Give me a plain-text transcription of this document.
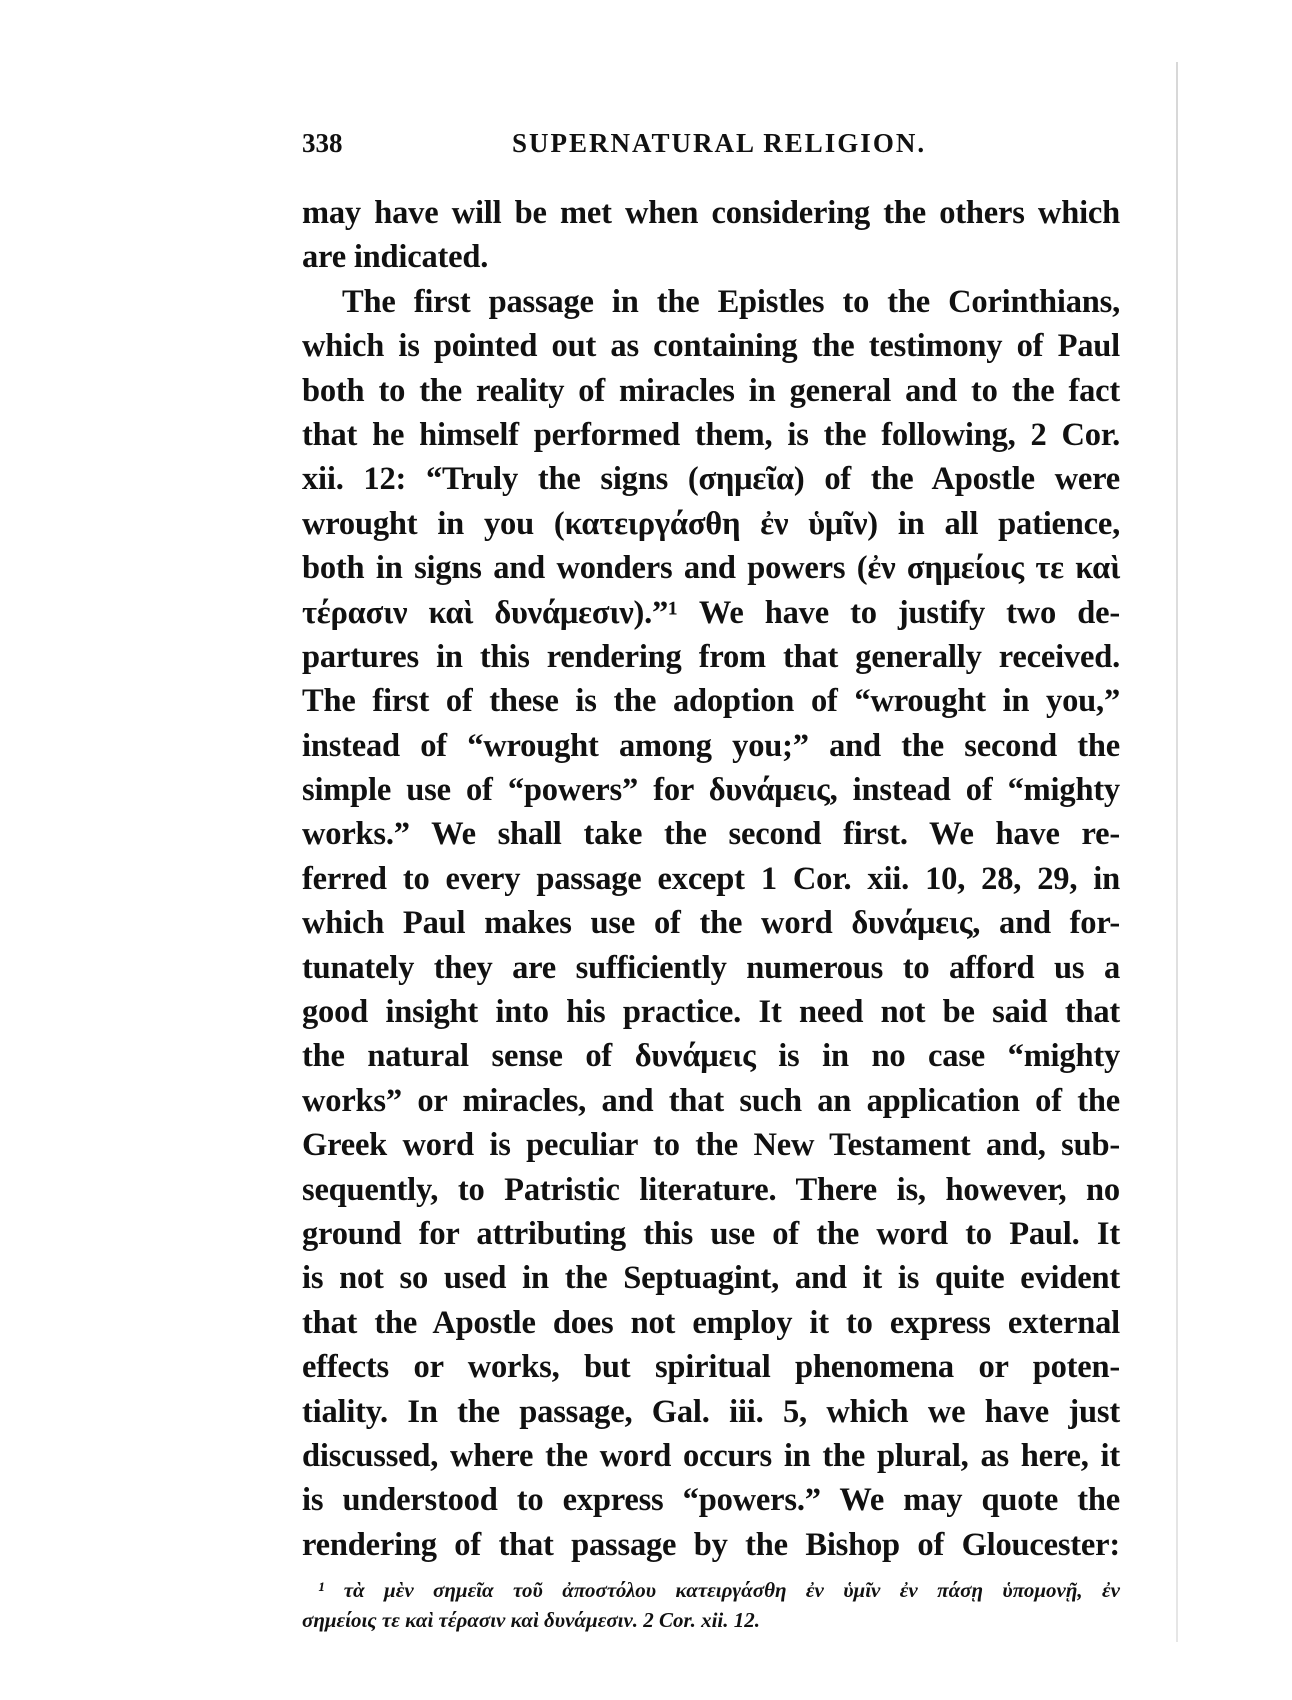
338	SUPERNATURAL RELIGION.
may have will be met when considering the others which
are indicated.
The first passage in the Epistles to the Corinthians,
which is pointed out as containing the testimony of Paul
both to the reality of miracles in general and to the fact
that he himself performed them, is the following, 2 Cor.
xii. 12: “Truly the signs (σημεῖα) of the Apostle were
wrought in you (κατειργάσθη ἐν ὑμῖν) in all patience,
both in signs and wonders and powers (ἐν σημείοις τε καὶ
τέρασιν καὶ δυνάμεσιν).”¹ We have to justify two de-
partures in this rendering from that generally received.
The first of these is the adoption of “wrought in you,”
instead of “wrought among you;” and the second the
simple use of “powers” for δυνάμεις, instead of “mighty
works.” We shall take the second first. We have re-
ferred to every passage except 1 Cor. xii. 10, 28, 29, in
which Paul makes use of the word δυνάμεις, and for-
tunately they are sufficiently numerous to afford us a
good insight into his practice. It need not be said that
the natural sense of δυνάμεις is in no case “mighty
works” or miracles, and that such an application of the
Greek word is peculiar to the New Testament and, sub-
sequently, to Patristic literature. There is, however, no
ground for attributing this use of the word to Paul. It
is not so used in the Septuagint, and it is quite evident
that the Apostle does not employ it to express external
effects or works, but spiritual phenomena or poten-
tiality. In the passage, Gal. iii. 5, which we have just
discussed, where the word occurs in the plural, as here, it
is understood to express “powers.” We may quote the
rendering of that passage by the Bishop of Gloucester:
¹ τὰ μὲν σημεῖα τοῦ ἀποστόλου κατειργάσθη ἐν ὑμῖν ἐν πάσῃ ὑπομονῇ, ἐν
σημείοις τε καὶ τέρασιν καὶ δυνάμεσιν. 2 Cor. xii. 12.
